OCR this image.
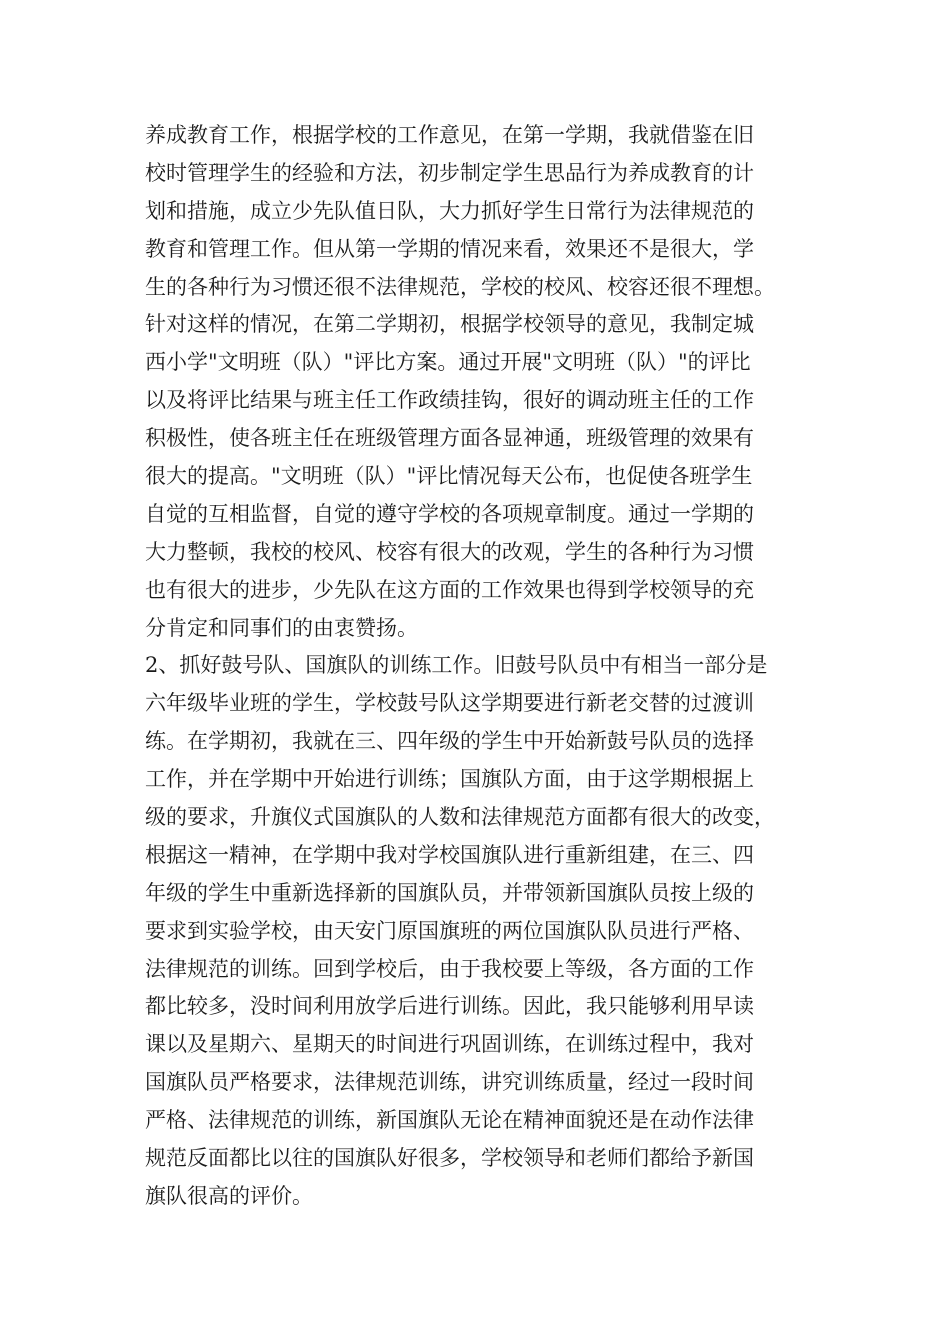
养成教育工作，根据学校的工作意见，在第一学期，我就借鉴在旧
校时管理学生的经验和方法，初步制定学生思品行为养成教育的计
划和措施，成立少先队值日队，大力抓好学生日常行为法律规范的
教育和管理工作。但从第一学期的情况来看，效果还不是很大，学
生的各种行为习惯还很不法律规范，学校的校风、校容还很不理想。
针对这样的情况，在第二学期初，根据学校领导的意见，我制定城
西小学"文明班（队）"评比方案。通过开展"文明班（队）"的评比
以及将评比结果与班主任工作政绩挂钩，很好的调动班主任的工作
积极性，使各班主任在班级管理方面各显神通，班级管理的效果有
很大的提高。"文明班（队）"评比情况每天公布，也促使各班学生
自觉的互相监督，自觉的遵守学校的各项规章制度。通过一学期的
大力整顿，我校的校风、校容有很大的改观，学生的各种行为习惯
也有很大的进步，少先队在这方面的工作效果也得到学校领导的充
分肯定和同事们的由衷赞扬。
2、抓好鼓号队、国旗队的训练工作。旧鼓号队员中有相当一部分是
六年级毕业班的学生，学校鼓号队这学期要进行新老交替的过渡训
练。在学期初，我就在三、四年级的学生中开始新鼓号队员的选择
工作，并在学期中开始进行训练；国旗队方面，由于这学期根据上
级的要求，升旗仪式国旗队的人数和法律规范方面都有很大的改变，
根据这一精神，在学期中我对学校国旗队进行重新组建，在三、四
年级的学生中重新选择新的国旗队员，并带领新国旗队员按上级的
要求到实验学校，由天安门原国旗班的两位国旗队队员进行严格、
法律规范的训练。回到学校后，由于我校要上等级，各方面的工作
都比较多，没时间利用放学后进行训练。因此，我只能够利用早读
课以及星期六、星期天的时间进行巩固训练，在训练过程中，我对
国旗队员严格要求，法律规范训练，讲究训练质量，经过一段时间
严格、法律规范的训练，新国旗队无论在精神面貌还是在动作法律
规范反面都比以往的国旗队好很多，学校领导和老师们都给予新国
旗队很高的评价。
